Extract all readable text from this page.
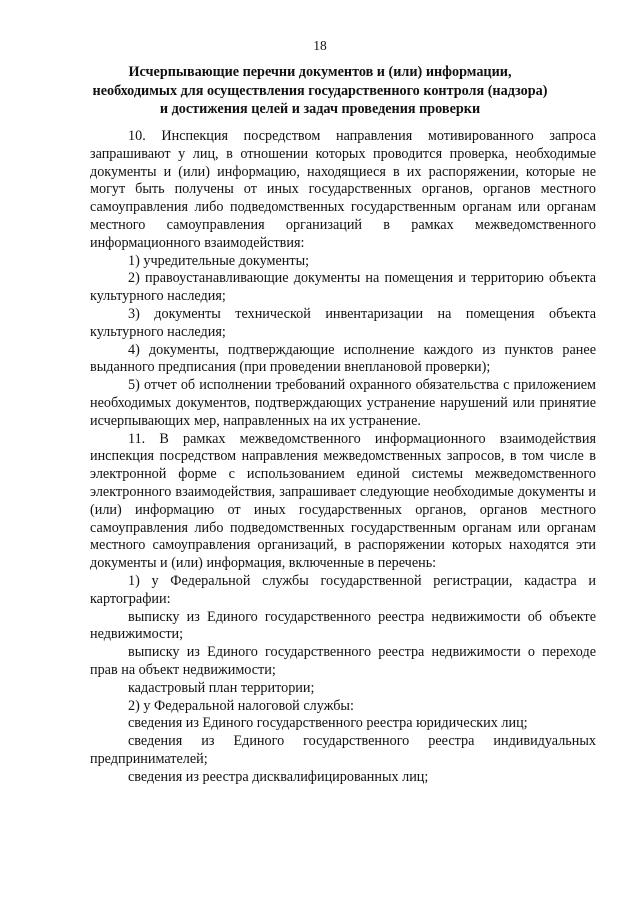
18
Исчерпывающие перечни документов и (или) информации, необходимых для осуществления государственного контроля (надзора) и достижения целей и задач проведения проверки

10. Инспекция посредством направления мотивированного запроса запрашивают у лиц, в отношении которых проводится проверка, необходимые документы и (или) информацию, находящиеся в их распоряжении, которые не могут быть получены от иных государственных органов, органов местного самоуправления либо подведомственных государственным органам или органам местного самоуправления организаций в рамках межведомственного информационного взаимодействия:

1) учредительные документы;

2) правоустанавливающие документы на помещения и территорию объекта культурного наследия;

3) документы технической инвентаризации на помещения объекта культурного наследия;

4) документы, подтверждающие исполнение каждого из пунктов ранее выданного предписания (при проведении внеплановой проверки);

5) отчет об исполнении требований охранного обязательства с приложением необходимых документов, подтверждающих устранение нарушений или принятие исчерпывающих мер, направленных на их устранение.

11. В рамках межведомственного информационного взаимодействия инспекция посредством направления межведомственных запросов, в том числе в электронной форме с использованием единой системы межведомственного электронного взаимодействия, запрашивает следующие необходимые документы и (или) информацию от иных государственных органов, органов местного самоуправления либо подведомственных государственным органам или органам местного самоуправления организаций, в распоряжении которых находятся эти документы и (или) информация, включенные в перечень:

1) у Федеральной службы государственной регистрации, кадастра и картографии:

выписку из Единого государственного реестра недвижимости об объекте недвижимости;

выписку из Единого государственного реестра недвижимости о переходе прав на объект недвижимости;

кадастровый план территории;

2) у Федеральной налоговой службы:

сведения из Единого государственного реестра юридических лиц;

сведения из Единого государственного реестра индивидуальных предпринимателей;

сведения из реестра дисквалифицированных лиц;
